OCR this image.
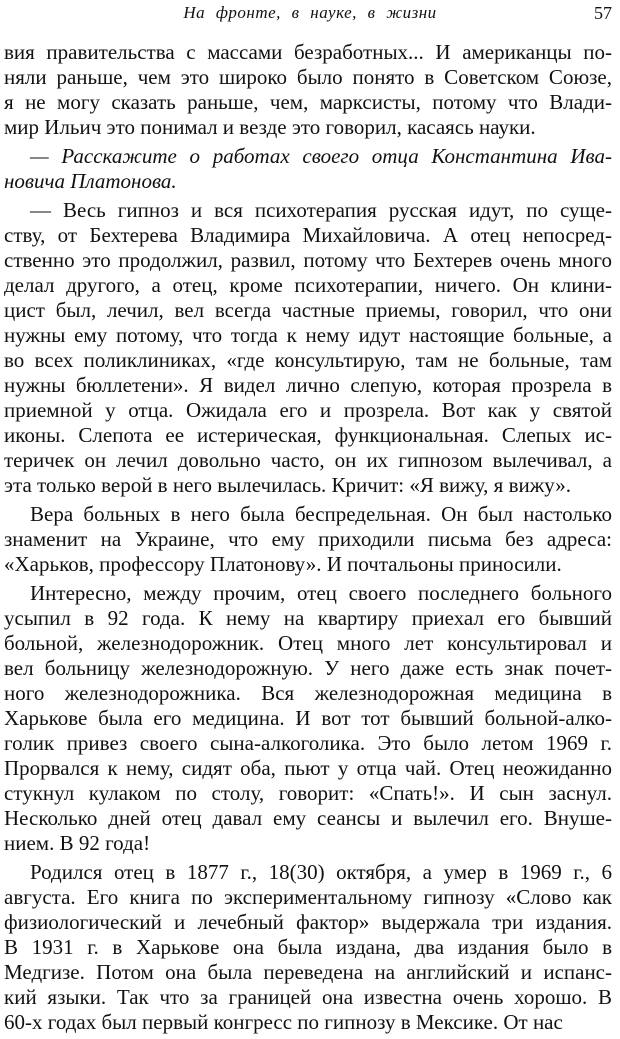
На фронте, в науке, в жизни	57
вия правительства с массами безработных... И американцы по-
няли раньше, чем это широко было понято в Советском Союзе,
я не могу сказать раньше, чем, марксисты, потому что Влади-
мир Ильич это понимал и везде это говорил, касаясь науки.
— Расскажите о работах своего отца Константина Ива-
новича Платонова.
— Весь гипноз и вся психотерапия русская идут, по суще-
ству, от Бехтерева Владимира Михайловича. А отец непосред-
ственно это продолжил, развил, потому что Бехтерев очень много
делал другого, а отец, кроме психотерапии, ничего. Он клини-
цист был, лечил, вел всегда частные приемы, говорил, что они
нужны ему потому, что тогда к нему идут настоящие больные, а
во всех поликлиниках, «где консультирую, там не больные, там
нужны бюллетени». Я видел лично слепую, которая прозрела в
приемной у отца. Ожидала его и прозрела. Вот как у святой
иконы. Слепота ее истерическая, функциональная. Слепых ис-
теричек он лечил довольно часто, он их гипнозом вылечивал, а
эта только верой в него вылечилась. Кричит: «Я вижу, я вижу».
Вера больных в него была беспредельная. Он был настолько
знаменит на Украине, что ему приходили письма без адреса:
«Харьков, профессору Платонову». И почтальоны приносили.
Интересно, между прочим, отец своего последнего больного
усыпил в 92 года. К нему на квартиру приехал его бывший
больной, железнодорожник. Отец много лет консультировал и
вел больницу железнодорожную. У него даже есть знак почет-
ного железнодорожника. Вся железнодорожная медицина в
Харькове была его медицина. И вот тот бывший больной-алко-
голик привез своего сына-алкоголика. Это было летом 1969 г.
Прорвался к нему, сидят оба, пьют у отца чай. Отец неожиданно
стукнул кулаком по столу, говорит: «Спать!». И сын заснул.
Несколько дней отец давал ему сеансы и вылечил его. Внуше-
нием. В 92 года!
Родился отец в 1877 г., 18(30) октября, а умер в 1969 г., 6
августа. Его книга по экспериментальному гипнозу «Слово как
физиологический и лечебный фактор» выдержала три издания.
В 1931 г. в Харькове она была издана, два издания было в
Медгизе. Потом она была переведена на английский и испанс-
кий языки. Так что за границей она известна очень хорошо. В
60-х годах был первый конгресс по гипнозу в Мексике. От нас
